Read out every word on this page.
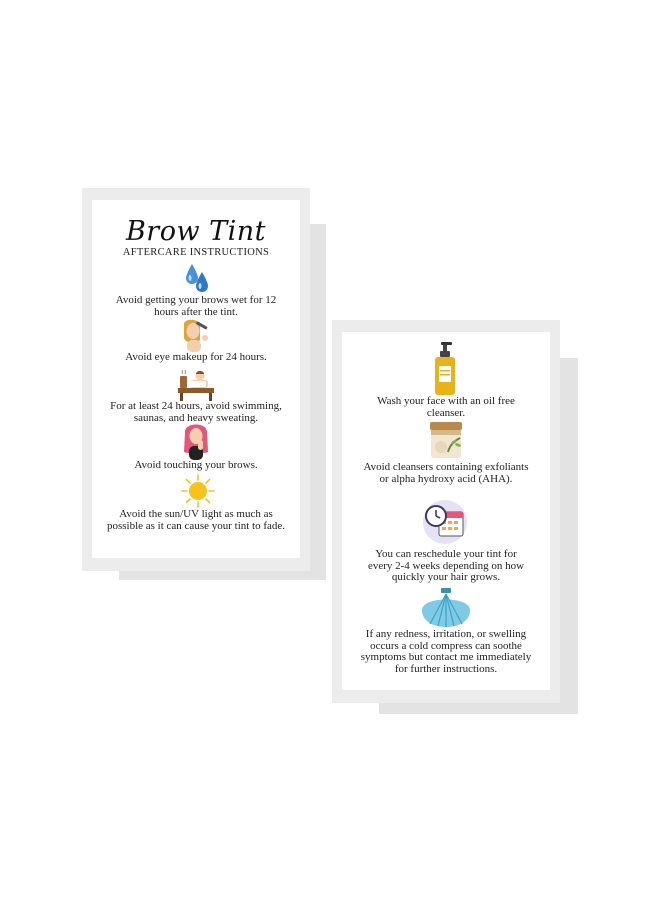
Brow Tint
AFTERCARE INSTRUCTIONS
Avoid getting your brows wet for 12 hours after the tint.
Avoid eye makeup for 24 hours.
For at least 24 hours, avoid swimming, saunas, and heavy sweating.
Avoid touching your brows.
Avoid the sun/UV light as much as possible as it can cause your tint to fade.
Wash your face with an oil free cleanser.
Avoid cleansers containing exfoliants or alpha hydroxy acid (AHA).
You can reschedule your tint for every 2-4 weeks depending on how quickly your hair grows.
If any redness, irritation, or swelling occurs a cold compress can soothe symptoms but contact me immediately for further instructions.
